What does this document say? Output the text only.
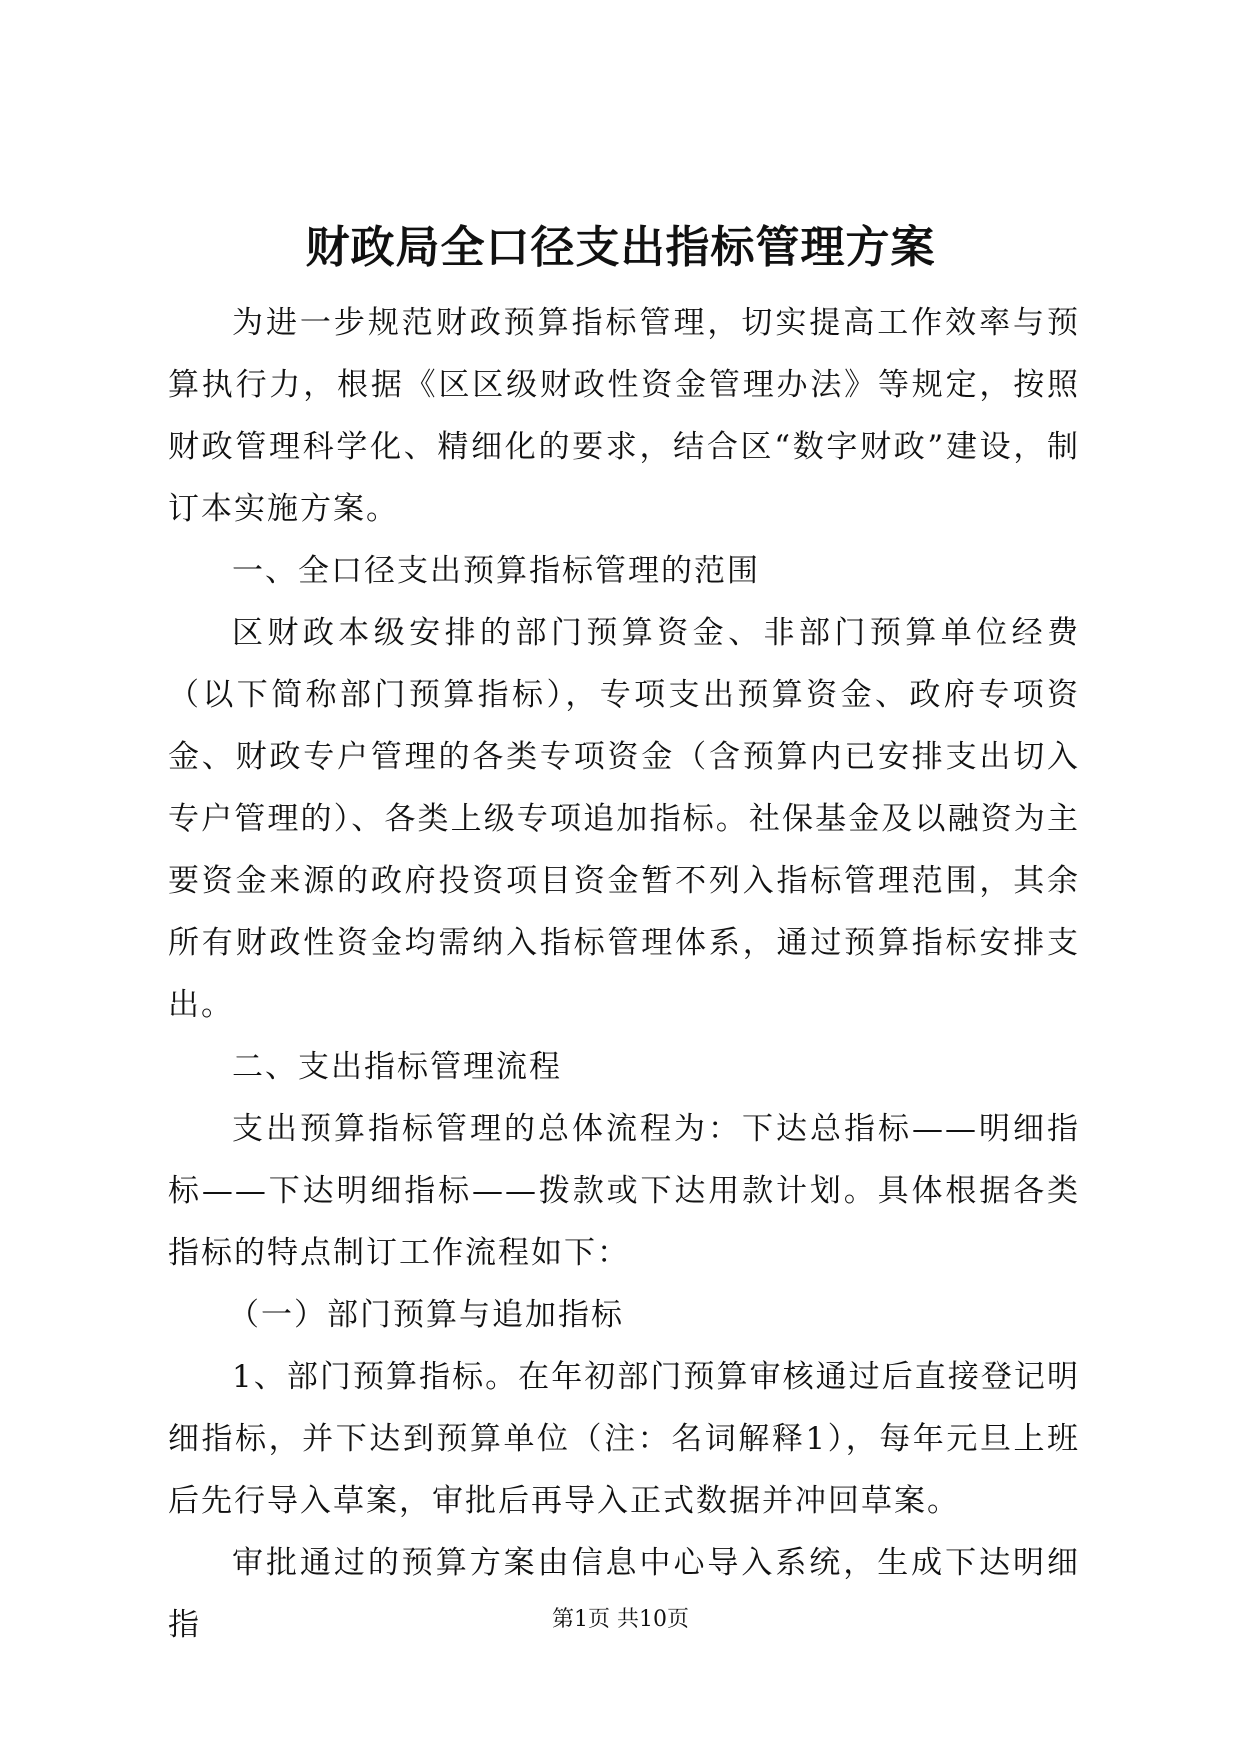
财政局全口径支出指标管理方案

为进一步规范财政预算指标管理，切实提高工作效率与预算执行力，根据《区区级财政性资金管理办法》等规定，按照财政管理科学化、精细化的要求，结合区“数字财政”建设，制订本实施方案。

一、全口径支出预算指标管理的范围

区财政本级安排的部门预算资金、非部门预算单位经费（以下简称部门预算指标），专项支出预算资金、政府专项资金、财政专户管理的各类专项资金（含预算内已安排支出切入专户管理的）、各类上级专项追加指标。社保基金及以融资为主要资金来源的政府投资项目资金暂不列入指标管理范围，其余所有财政性资金均需纳入指标管理体系，通过预算指标安排支出。

二、支出指标管理流程

支出预算指标管理的总体流程为：下达总指标——明细指标——下达明细指标——拨款或下达用款计划。具体根据各类指标的特点制订工作流程如下：

（一）部门预算与追加指标

1、部门预算指标。在年初部门预算审核通过后直接登记明细指标，并下达到预算单位（注：名词解释1），每年元旦上班后先行导入草案，审批后再导入正式数据并冲回草案。

审批通过的预算方案由信息中心导入系统，生成下达明细指	第1页 共10页
